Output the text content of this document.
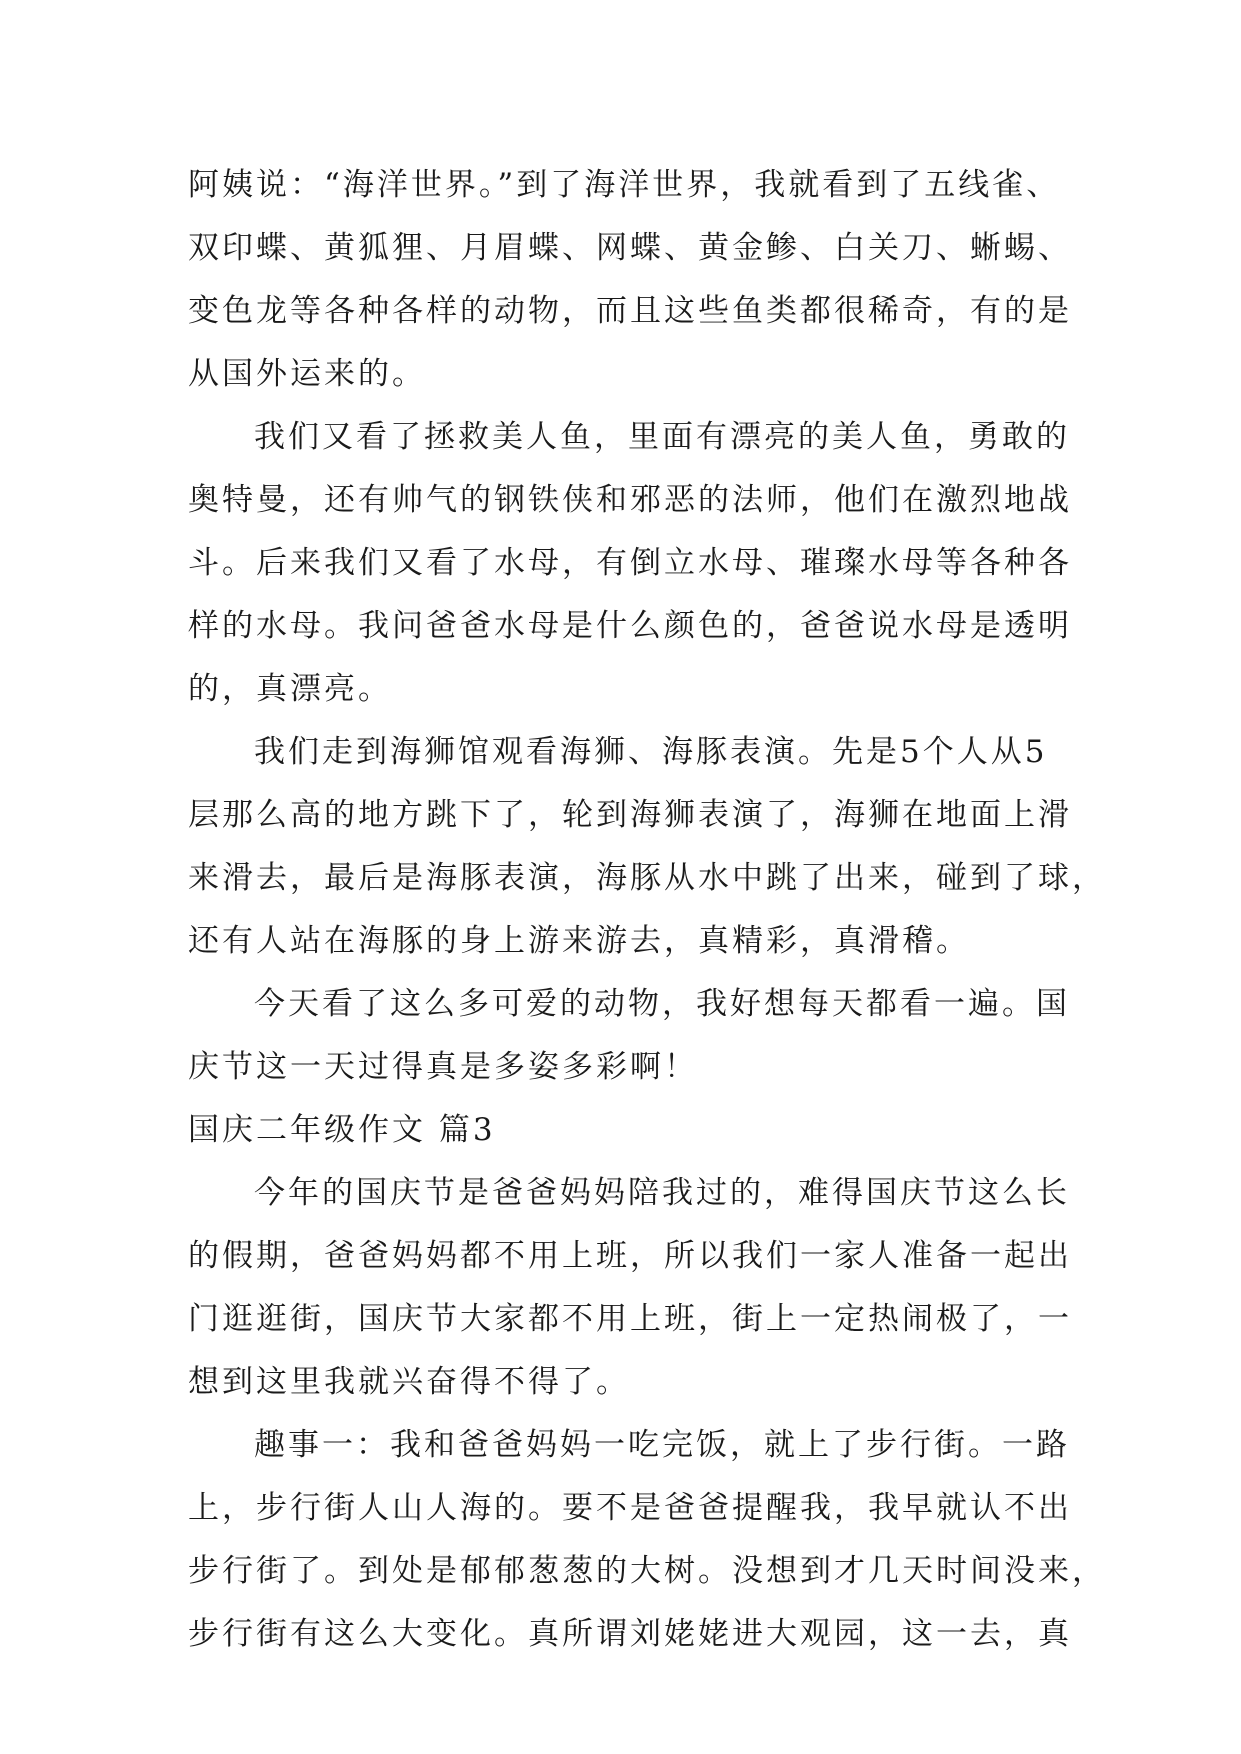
阿姨说：“海洋世界。”到了海洋世界，我就看到了五线雀、
双印蝶、黄狐狸、月眉蝶、网蝶、黄金鲹、白关刀、蜥蜴、
变色龙等各种各样的动物，而且这些鱼类都很稀奇，有的是
从国外运来的。
我们又看了拯救美人鱼，里面有漂亮的美人鱼，勇敢的
奥特曼，还有帅气的钢铁侠和邪恶的法师，他们在激烈地战
斗。后来我们又看了水母，有倒立水母、璀璨水母等各种各
样的水母。我问爸爸水母是什么颜色的，爸爸说水母是透明
的，真漂亮。
我们走到海狮馆观看海狮、海豚表演。先是5个人从5
层那么高的地方跳下了，轮到海狮表演了，海狮在地面上滑
来滑去，最后是海豚表演，海豚从水中跳了出来，碰到了球，
还有人站在海豚的身上游来游去，真精彩，真滑稽。
今天看了这么多可爱的动物，我好想每天都看一遍。国
庆节这一天过得真是多姿多彩啊！
国庆二年级作文 篇3
今年的国庆节是爸爸妈妈陪我过的，难得国庆节这么长
的假期，爸爸妈妈都不用上班，所以我们一家人准备一起出
门逛逛街，国庆节大家都不用上班，街上一定热闹极了，一
想到这里我就兴奋得不得了。
趣事一：我和爸爸妈妈一吃完饭，就上了步行街。一路
上，步行街人山人海的。要不是爸爸提醒我，我早就认不出
步行街了。到处是郁郁葱葱的大树。没想到才几天时间没来，
步行街有这么大变化。真所谓刘姥姥进大观园，这一去，真
